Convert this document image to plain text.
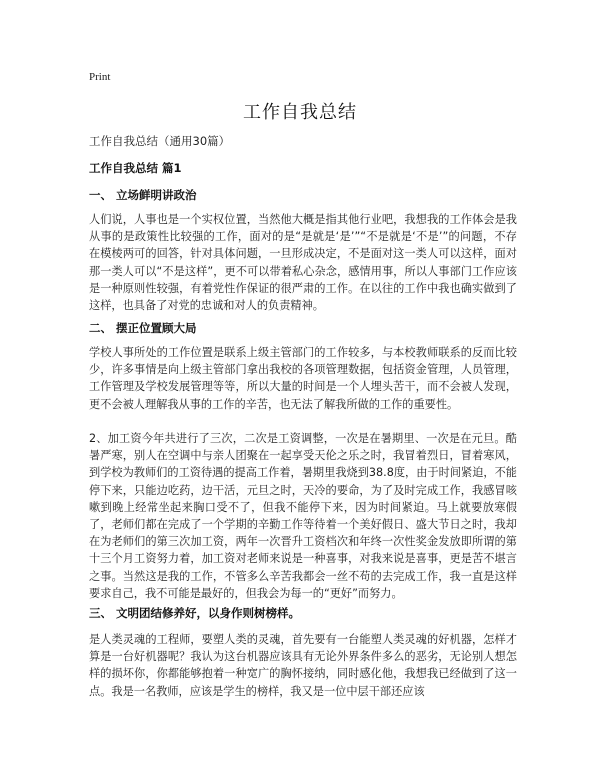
Print
工作自我总结
工作自我总结（通用30篇）
工作自我总结 篇1
一、 立场鲜明讲政治

人们说，人事也是一个实权位置，当然他大概是指其他行业吧，我想我的工作体会是我从事的是政策性比较强的工作，面对的是“是就是‘是’”“不是就是‘不是’”的问题，不存在模棱两可的回答，针对具体问题，一旦形成决定，不是面对这一类人可以这样，面对那一类人可以“不是这样”，更不可以带着私心杂念，感情用事，所以人事部门工作应该是一种原则性较强，有着党性作保证的很严肃的工作。在以往的工作中我也确实做到了这样，也具备了对党的忠诚和对人的负责精神。

二、 摆正位置顾大局

学校人事所处的工作位置是联系上级主管部门的工作较多，与本校教师联系的反而比较少，许多事情是向上级主管部门拿出我校的各项管理数据，包括资金管理，人员管理，工作管理及学校发展管理等等，所以大量的时间是一个人埋头苦干，而不会被人发现，更不会被人理解我从事的工作的辛苦，也无法了解我所做的工作的重要性。

2、加工资今年共进行了三次，二次是工资调整，一次是在暑期里、一次是在元旦。酷暑严寒，别人在空调中与亲人团聚在一起享受天伦之乐之时，我冒着烈日，冒着寒风，到学校为教师们的工资待遇的提高工作着，暑期里我烧到38.8度，由于时间紧迫，不能停下来，只能边吃药，边干活，元旦之时，天冷的要命，为了及时完成工作，我感冒咳嗽到晚上经常坐起来胸口受不了，但我不能停下来，因为时间紧迫。马上就要放寒假了，老师们都在完成了一个学期的辛勤工作等待着一个美好假日、盛大节日之时，我却在为老师们的第三次加工资，两年一次晋升工资档次和年终一次性奖金发放即所谓的第十三个月工资努力着，加工资对老师来说是一种喜事，对我来说是喜事，更是苦不堪言之事。当然这是我的工作，不管多么辛苦我都会一丝不苟的去完成工作，我一直是这样要求自己，我不可能是最好的，但我会为每一的“更好”而努力。

三、 文明团结修养好，以身作则树榜样。

是人类灵魂的工程师，要塑人类的灵魂，首先要有一台能塑人类灵魂的好机器，怎样才算是一台好机器呢？我认为这台机器应该具有无论外界条件多么的恶劣，无论别人想怎样的损坏你，你都能够抱着一种宽广的胸怀接纳，同时感化他，我想我已经做到了这一点。我是一名教师，应该是学生的榜样，我又是一位中层干部还应该
